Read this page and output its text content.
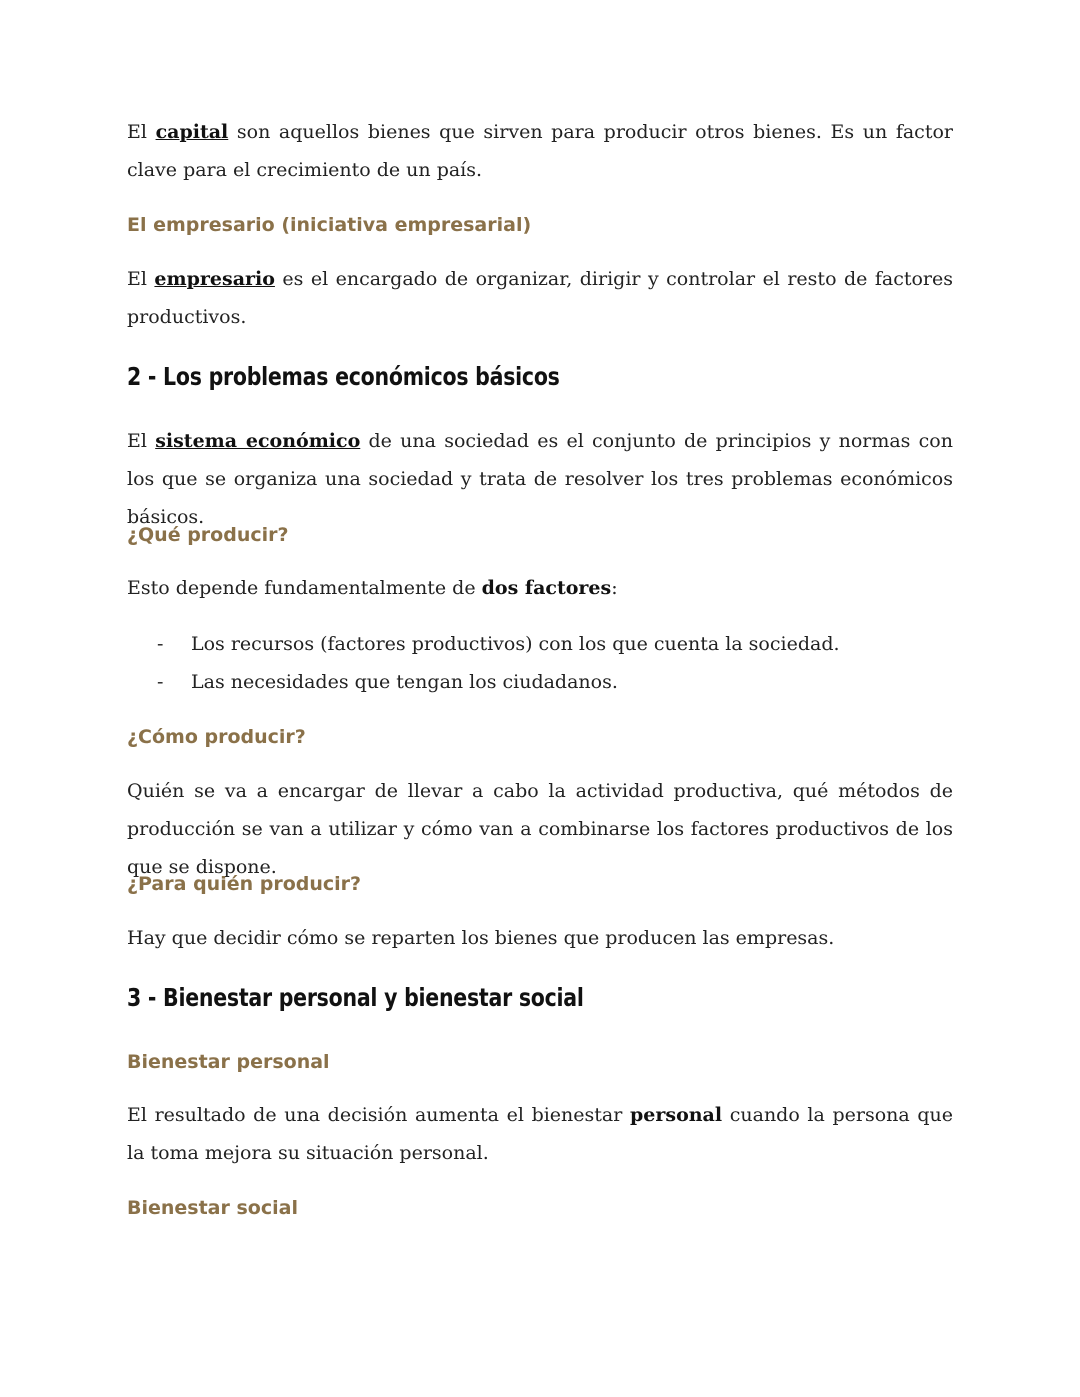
El capital son aquellos bienes que sirven para producir otros bienes. Es un factor clave para el crecimiento de un país.

El empresario (iniciativa empresarial)

El empresario es el encargado de organizar, dirigir y controlar el resto de factores productivos.

2 - Los problemas económicos básicos

El sistema económico de una sociedad es el conjunto de principios y normas con los que se organiza una sociedad y trata de resolver los tres problemas económicos básicos.

¿Qué producir?

Esto depende fundamentalmente de dos factores:

- Los recursos (factores productivos) con los que cuenta la sociedad.
- Las necesidades que tengan los ciudadanos.
¿Cómo producir?

Quién se va a encargar de llevar a cabo la actividad productiva, qué métodos de producción se van a utilizar y cómo van a combinarse los factores productivos de los que se dispone.

¿Para quién producir?

Hay que decidir cómo se reparten los bienes que producen las empresas.

3 - Bienestar personal y bienestar social
Bienestar personal

El resultado de una decisión aumenta el bienestar personal cuando la persona que la toma mejora su situación personal.

Bienestar social
